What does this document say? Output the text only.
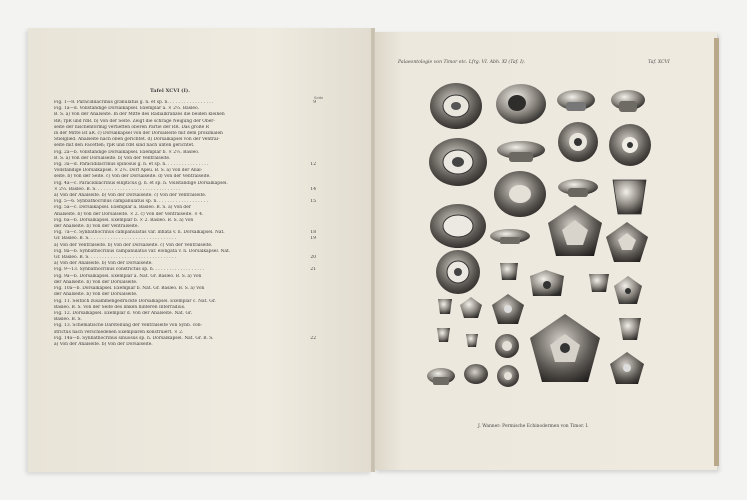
Tafel XCVI (I).
Seite
Fig. 1—8. Paracidilacrinus granulatus g. n. et sp. n. . . . . . . . . . . . . . . . .	9
Fig. 1a—d. Vollständige Dorsalkapsel. Exemplar a. × 2⅓. Basleo.
B. S. a) Von der Analseite. In der Mitte des Radialkranzes die beiden kleinen
RR; rpR und rdR. b) Von der Seite. Zeigt die schräge Neigung der Ober-
seite der nischenförmig vertieften oberen Partie der RR. Das große R
in der Mitte ist aR. c) Dorsalkapsel von der Dorsalseite mit dem proximalen
Stielglied. Analseite nach oben gerichtet. d) Dorsalkapsel von der Ventral-
seite mit den Facetten; rpR und rdR sind nach unten gerichtet.
Fig. 2a—b. Vollständige Dorsalkapsel. Exemplar b. × 2⅓. Basleo.
B. S. a) Von der Dorsalseite. b) Von der Ventralseite.
Fig. 3a—d. Paracidilacrinus spinosus g. n. et sp. n. . . . . . . . . . . . . . . .	12
Vollständige Dorsalkapsel. × 2⅓. Dorf Apeu. B. S. a) Von der Anal-
seite. b) Von der Seite. c) Von der Dorsalseite. d) Von der Ventralseite.
Fig. 4a—c. Paracidilacrinus ellipticus g. n. et sp. n. Vollständige Dorsalkapsel.
× 2⅓. Basleo. B. S. . . . . . . . . . . . . . . . . . . . . . . . . . . . . . .	14
a) Von der Analseite. b) Von der Dorsalseite. c) Von der Ventralseite.
Fig. 5—6. Synbathocrinus campanulatus sp. n. . . . . . . . . . . . . . . . . . .	15
Fig. 5a—c. Dorsalkapsel. Exemplar a. Basleo. B. S. a) Von der
Analseite. b) Von der Dorsalseite. × 2. c) Von der Ventralseite. × 4.
Fig. 6a—b. Dorsalkapsel. Exemplar b. × 2. Basleo. B. S. a) Von
der Analseite. b) Von der Ventralseite.
Fig. 7a—c. Synbathocrinus campanulatus var. inflata v. n. Dorsalkapsel. Nat.	18
Gr. Basleo. B. S. . . . . . . . . . . . . . . . . . . . . . . . . . . . . . . .	19
a) Von der Ventralseite. b) Von der Dorsalseite. c) Von der Ventralseite.
Fig. 8a—b. Synbathocrinus campanulatus var. elongata v. n. Dorsalkapsel. Nat.
Gr. Basleo. B. S. . . . . . . . . . . . . . . . . . . . . . . . . . . . . . . .	20
a) Von der Analseite. b) Von der Dorsalseite.
Fig. 9—13. Synbathocrinus constrictus sp. n. . . . . . . . . . . . . . . . . . .	21
Fig. 9a—b. Dorsalkapsel. Exemplar a. Nat. Gr. Basleo. B. S. a) Von
der Analseite. b) Von der Dorsalseite.
Fig. 10a—b. Dorsalkapsel. Exemplar b. Nat. Gr. Basleo. B. S. a) Von
der Analseite. b) Von der Dorsalseite.
Fig. 11. Seitlich zusammengedrückte Dorsalkapsel. Exemplar c. Nat. Gr.
Basleo. B. S. Von der Seite des linken hinteren Interradius.
Fig. 12. Dorsalkapsel. Exemplar d. Von der Analseite. Nat. Gr.
Basleo. B. S.
Fig. 13. Schematische Darstellung der Ventralseite von Synb. con-
strictus nach verschiedenen Exemplaren konstruiert. × 2.
Fig. 14a—b. Synbathocrinus sinuosus sp. n. Dorsalkapsel. Nat. Gr. B. S.	22
a) Von der Analseite. b) Von der Dorsalseite.
Palaeontologie von Timor etc. Lfrg. VI. Abh. XI (Taf. I).	Taf. XCVI
J. Wanner: Permische Echinodermen von Timor. I.
